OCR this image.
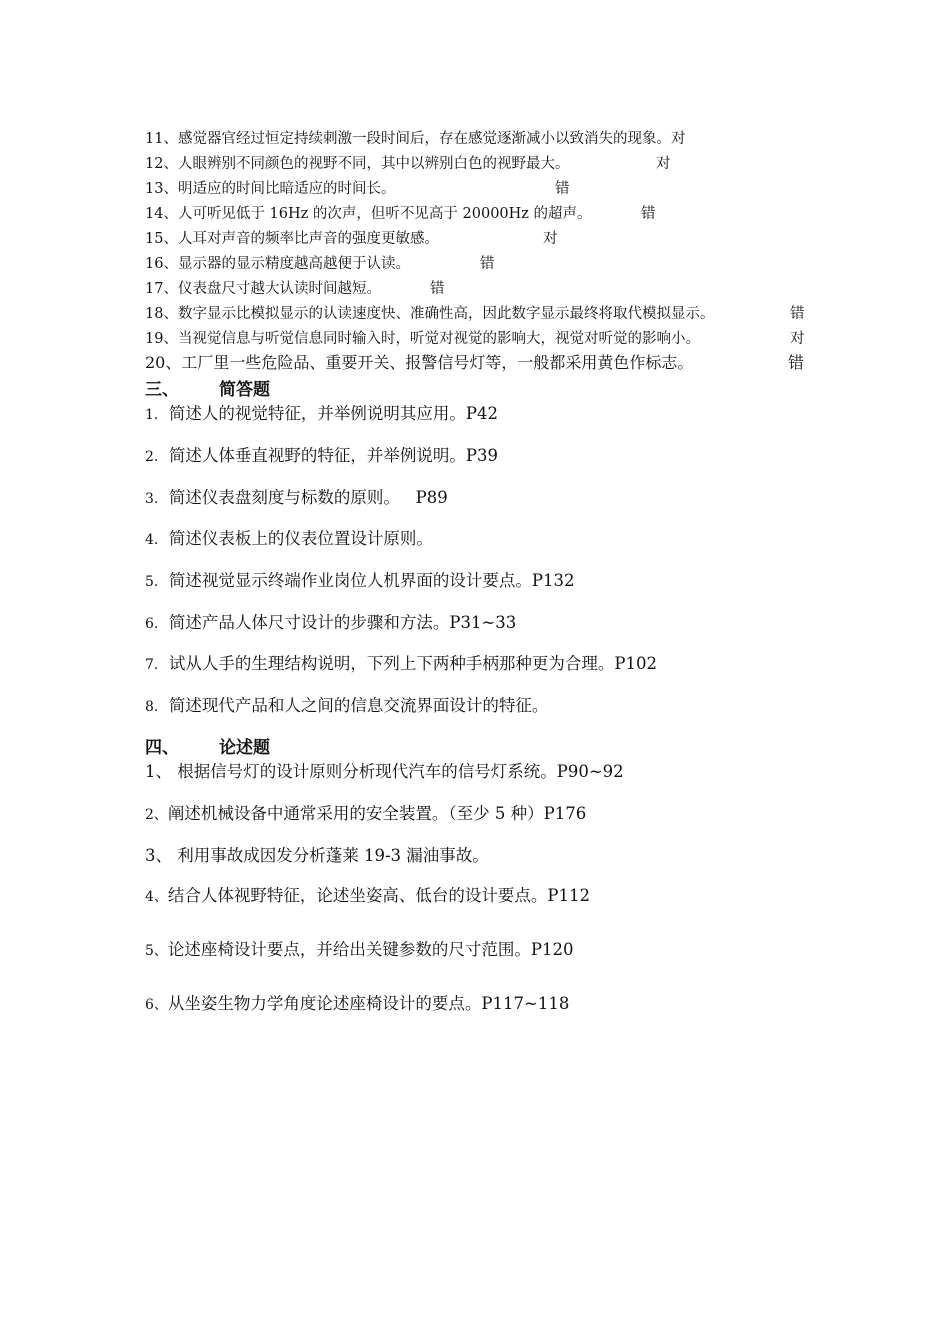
11、感觉器官经过恒定持续刺激一段时间后，存在感觉逐渐减小以致消失的现象。对
12、人眼辨别不同颜色的视野不同，其中以辨别白色的视野最大。	对
13、明适应的时间比暗适应的时间长。	错
14、人可听见低于 16Hz 的次声，但听不见高于 20000Hz 的超声。	错
15、人耳对声音的频率比声音的强度更敏感。	对
16、显示器的显示精度越高越便于认读。	错
17、仪表盘尺寸越大认读时间越短。	错
18、数字显示比模拟显示的认读速度快、准确性高，因此数字显示最终将取代模拟显示。	错
19、当视觉信息与听觉信息同时输入时，听觉对视觉的影响大，视觉对听觉的影响小。	对
20、工厂里一些危险品、重要开关、报警信号灯等，一般都采用黄色作标志。	错
三、 简答题
1. 简述人的视觉特征，并举例说明其应用。P42
2. 简述人体垂直视野的特征，并举例说明。P39
3. 简述仪表盘刻度与标数的原则。   P89
4. 简述仪表板上的仪表位置设计原则。
5. 简述视觉显示终端作业岗位人机界面的设计要点。P132
6. 简述产品人体尺寸设计的步骤和方法。P31~33
7. 试从人手的生理结构说明，下列上下两种手柄那种更为合理。P102
8. 简述现代产品和人之间的信息交流界面设计的特征。
四、 论述题
1、 根据信号灯的设计原则分析现代汽车的信号灯系统。P90~92
2、阐述机械设备中通常采用的安全装置。（至少 5 种）P176
3、 利用事故成因发分析蓬莱 19-3 漏油事故。
4、结合人体视野特征，论述坐姿高、低台的设计要点。P112
5、论述座椅设计要点，并给出关键参数的尺寸范围。P120
6、从坐姿生物力学角度论述座椅设计的要点。P117~118
